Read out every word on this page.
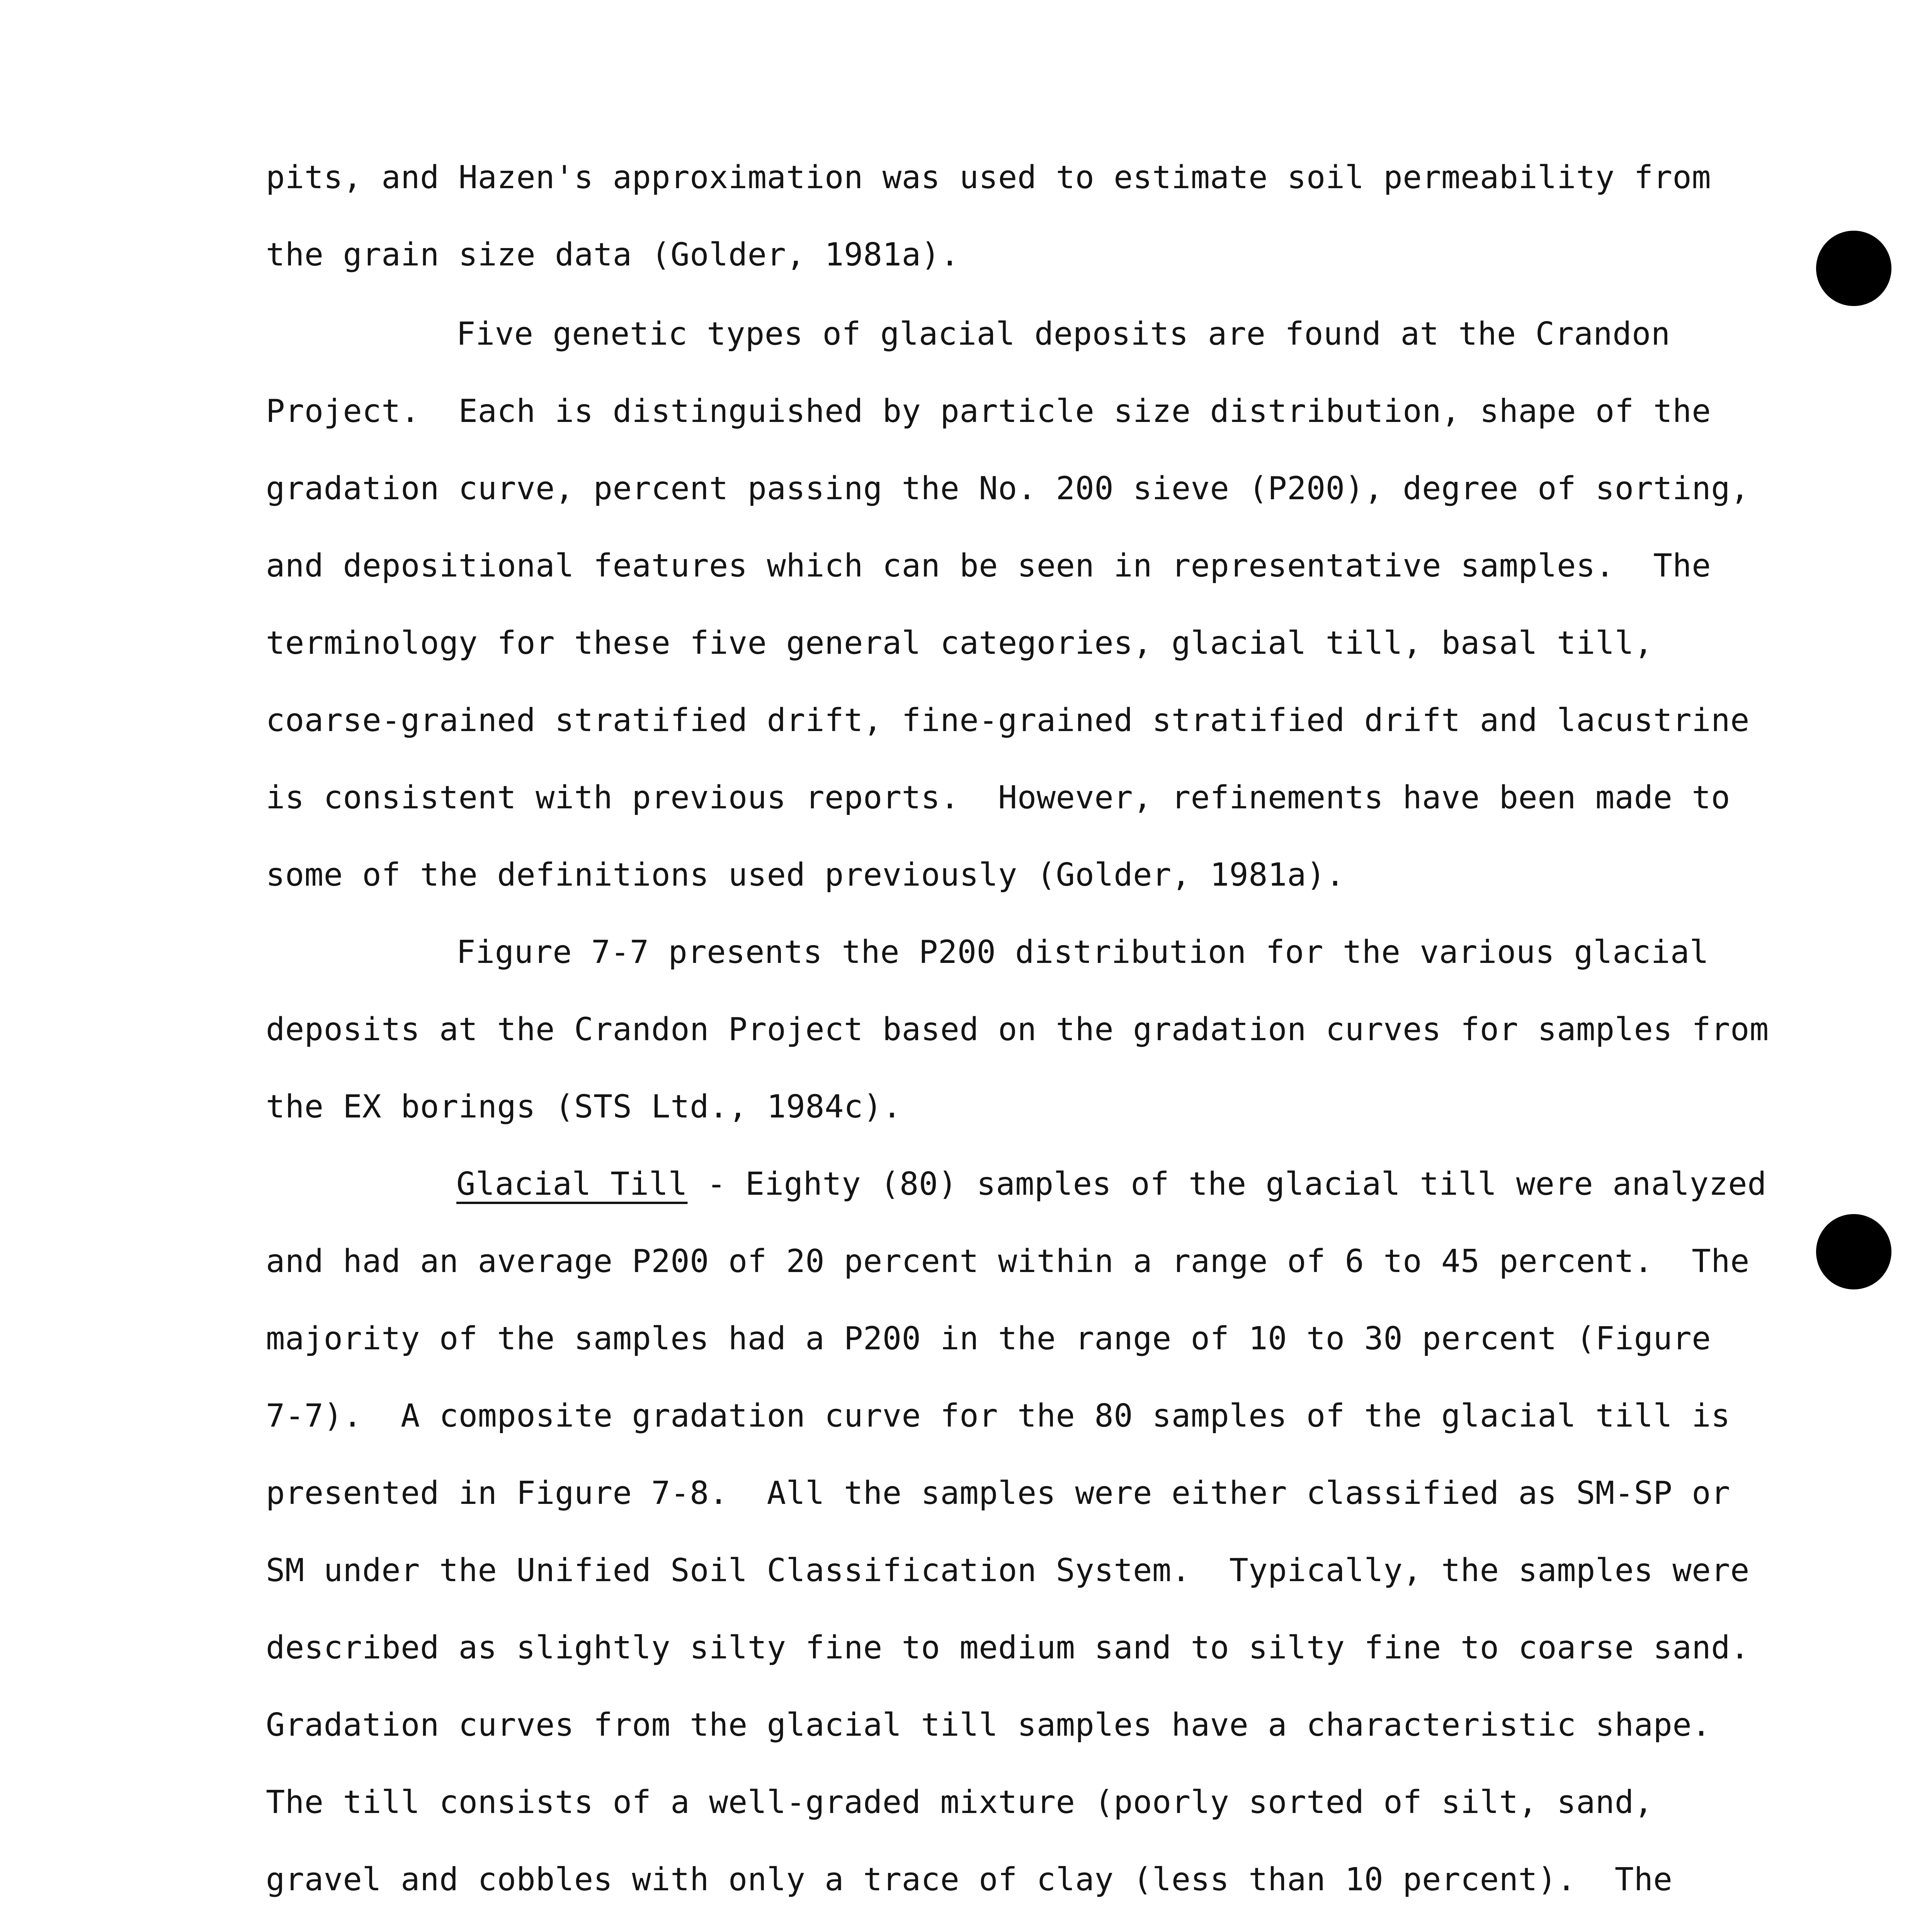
pits, and Hazen's approximation was used to estimate soil permeability from
the grain size data (Golder, 1981a).
Five genetic types of glacial deposits are found at the Crandon
Project.  Each is distinguished by particle size distribution, shape of the
gradation curve, percent passing the No. 200 sieve (P200), degree of sorting,
and depositional features which can be seen in representative samples.  The
terminology for these five general categories, glacial till, basal till,
coarse-grained stratified drift, fine-grained stratified drift and lacustrine
is consistent with previous reports.  However, refinements have been made to
some of the definitions used previously (Golder, 1981a).
Figure 7-7 presents the P200 distribution for the various glacial
deposits at the Crandon Project based on the gradation curves for samples from
the EX borings (STS Ltd., 1984c).
Glacial Till - Eighty (80) samples of the glacial till were analyzed
and had an average P200 of 20 percent within a range of 6 to 45 percent.  The
majority of the samples had a P200 in the range of 10 to 30 percent (Figure
7-7).  A composite gradation curve for the 80 samples of the glacial till is
presented in Figure 7-8.  All the samples were either classified as SM-SP or
SM under the Unified Soil Classification System.  Typically, the samples were
described as slightly silty fine to medium sand to silty fine to coarse sand.
Gradation curves from the glacial till samples have a characteristic shape.
The till consists of a well-graded mixture (poorly sorted of silt, sand,
gravel and cobbles with only a trace of clay (less than 10 percent).  The
